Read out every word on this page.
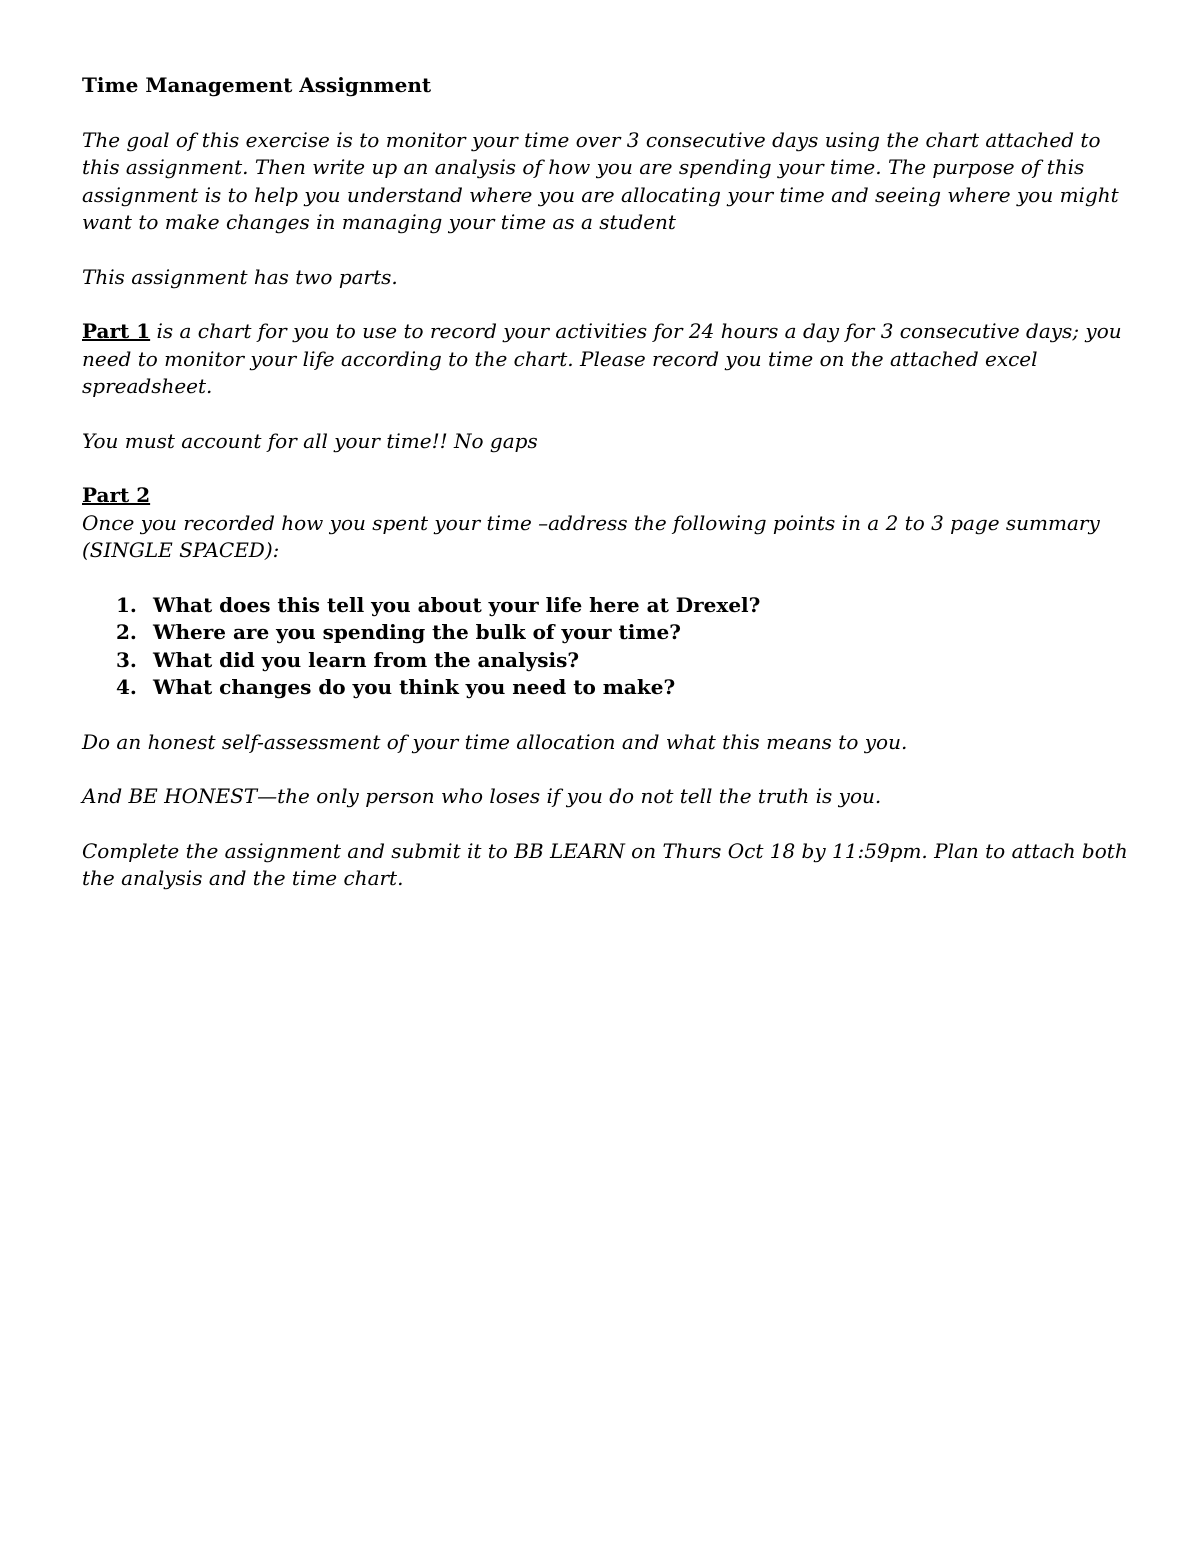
Time Management Assignment

The goal of this exercise is to monitor your time over 3 consecutive days using the chart attached to this assignment. Then write up an analysis of how you are spending your time. The purpose of this assignment is to help you understand where you are allocating your time and seeing where you might want to make changes in managing your time as a student

This assignment has two parts.

Part 1 is a chart for you to use to record your activities for 24 hours a day for 3 consecutive days; you need to monitor your life according to the chart. Please record you time on the attached excel spreadsheet.

You must account for all your time!! No gaps

Part 2

Once you recorded how you spent your time –address the following points in a 2 to 3 page summary (SINGLE SPACED):

1. What does this tell you about your life here at Drexel?
2. Where are you spending the bulk of your time?
3. What did you learn from the analysis?
4. What changes do you think you need to make?

Do an honest self-assessment of your time allocation and what this means to you.

And BE HONEST—the only person who loses if you do not tell the truth is you.

Complete the assignment and submit it to BB LEARN on Thurs Oct 18 by 11:59pm. Plan to attach both the analysis and the time chart.
